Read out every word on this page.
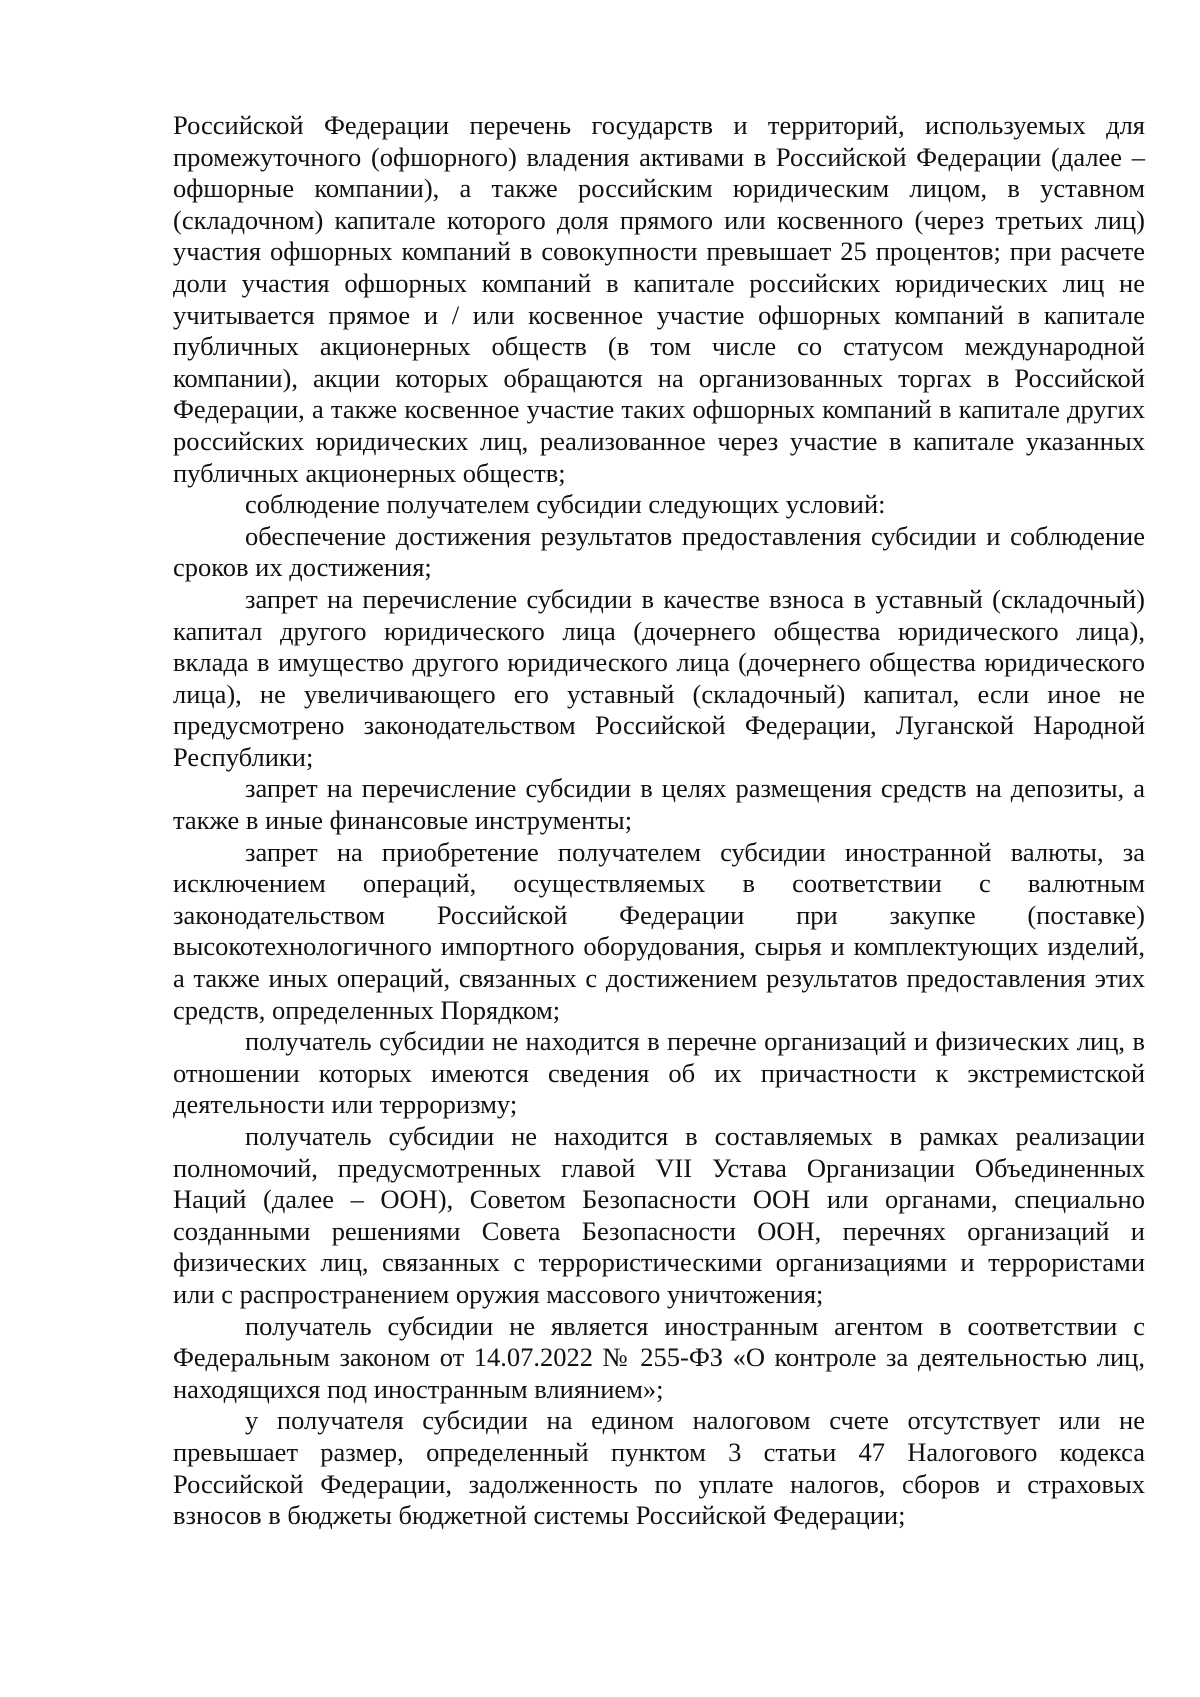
Российской Федерации перечень государств и территорий, используемых для промежуточного (офшорного) владения активами в Российской Федерации (далее – офшорные компании), а также российским юридическим лицом, в уставном (складочном) капитале которого доля прямого или косвенного (через третьих лиц) участия офшорных компаний в совокупности превышает 25 процентов; при расчете доли участия офшорных компаний в капитале российских юридических лиц не учитывается прямое и / или косвенное участие офшорных компаний в капитале публичных акционерных обществ (в том числе со статусом международной компании), акции которых обращаются на организованных торгах в Российской Федерации, а также косвенное участие таких офшорных компаний в капитале других российских юридических лиц, реализованное через участие в капитале указанных публичных акционерных обществ;

соблюдение получателем субсидии следующих условий:

обеспечение достижения результатов предоставления субсидии и соблюдение сроков их достижения;

запрет на перечисление субсидии в качестве взноса в уставный (складочный) капитал другого юридического лица (дочернего общества юридического лица), вклада в имущество другого юридического лица (дочернего общества юридического лица), не увеличивающего его уставный (складочный) капитал, если иное не предусмотрено законодательством Российской Федерации, Луганской Народной Республики;

запрет на перечисление субсидии в целях размещения средств на депозиты, а также в иные финансовые инструменты;

запрет на приобретение получателем субсидии иностранной валюты, за исключением операций, осуществляемых в соответствии с валютным законодательством Российской Федерации при закупке (поставке) высокотехнологичного импортного оборудования, сырья и комплектующих изделий, а также иных операций, связанных с достижением результатов предоставления этих средств, определенных Порядком;

получатель субсидии не находится в перечне организаций и физических лиц, в отношении которых имеются сведения об их причастности к экстремистской деятельности или терроризму;

получатель субсидии не находится в составляемых в рамках реализации полномочий, предусмотренных главой VII Устава Организации Объединенных Наций (далее – ООН), Советом Безопасности ООН или органами, специально созданными решениями Совета Безопасности ООН, перечнях организаций и физических лиц, связанных с террористическими организациями и террористами или с распространением оружия массового уничтожения;

получатель субсидии не является иностранным агентом в соответствии с Федеральным законом от 14.07.2022 № 255-ФЗ «О контроле за деятельностью лиц, находящихся под иностранным влиянием»;

у получателя субсидии на едином налоговом счете отсутствует или не превышает размер, определенный пунктом 3 статьи 47 Налогового кодекса Российской Федерации, задолженность по уплате налогов, сборов и страховых взносов в бюджеты бюджетной системы Российской Федерации;
